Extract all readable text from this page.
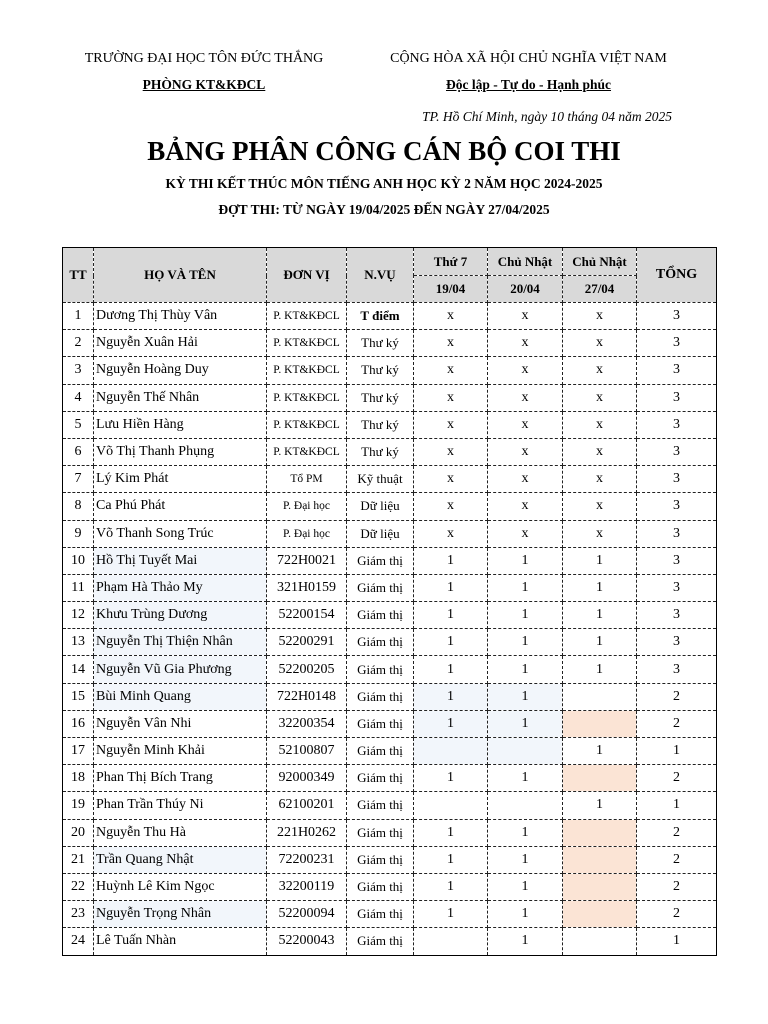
TRƯỜNG ĐẠI HỌC TÔN ĐỨC THẮNG
PHÒNG KT&KĐCL
CỘNG HÒA XÃ HỘI CHỦ NGHĨA VIỆT NAM
Độc lập - Tự do - Hạnh phúc
TP. Hồ Chí Minh, ngày 10 tháng 04 năm 2025
BẢNG PHÂN CÔNG CÁN BỘ COI THI
KỲ THI KẾT THÚC MÔN TIẾNG ANH HỌC KỲ 2 NĂM HỌC 2024-2025
ĐỢT THI: TỪ NGÀY 19/04/2025 ĐẾN NGÀY 27/04/2025
TT	HỌ VÀ TÊN	ĐƠN VỊ	N.VỤ	Thứ 7	Chủ Nhật	Chủ Nhật	TỔNG
				19/04	20/04	27/04	
1	Dương Thị Thùy Vân	P. KT&KĐCL	T điểm	x	x	x	3
2	Nguyễn Xuân Hải	P. KT&KĐCL	Thư ký	x	x	x	3
3	Nguyễn Hoàng Duy	P. KT&KĐCL	Thư ký	x	x	x	3
4	Nguyễn Thế Nhân	P. KT&KĐCL	Thư ký	x	x	x	3
5	Lưu Hiền Hàng	P. KT&KĐCL	Thư ký	x	x	x	3
6	Võ Thị Thanh Phụng	P. KT&KĐCL	Thư ký	x	x	x	3
7	Lý Kim Phát	Tổ PM	Kỹ thuật	x	x	x	3
8	Ca Phú Phát	P. Đại học	Dữ liệu	x	x	x	3
9	Võ Thanh Song Trúc	P. Đại học	Dữ liệu	x	x	x	3
10	Hồ Thị Tuyết Mai	722H0021	Giám thị	1	1	1	3
11	Phạm Hà Thảo My	321H0159	Giám thị	1	1	1	3
12	Khưu Trùng Dương	52200154	Giám thị	1	1	1	3
13	Nguyễn Thị Thiện Nhân	52200291	Giám thị	1	1	1	3
14	Nguyễn Vũ Gia Phương	52200205	Giám thị	1	1	1	3
15	Bùi Minh Quang	722H0148	Giám thị	1	1		2
16	Nguyễn Vân Nhi	32200354	Giám thị	1	1		2
17	Nguyễn Minh Khải	52100807	Giám thị			1	1
18	Phan Thị Bích Trang	92000349	Giám thị	1	1		2
19	Phan Trần Thúy Ni	62100201	Giám thị			1	1
20	Nguyễn Thu Hà	221H0262	Giám thị	1	1		2
21	Trần Quang Nhật	72200231	Giám thị	1	1		2
22	Huỳnh Lê Kim Ngọc	32200119	Giám thị	1	1		2
23	Nguyễn Trọng Nhân	52200094	Giám thị	1	1		2
24	Lê Tuấn Nhàn	52200043	Giám thị		1		1
